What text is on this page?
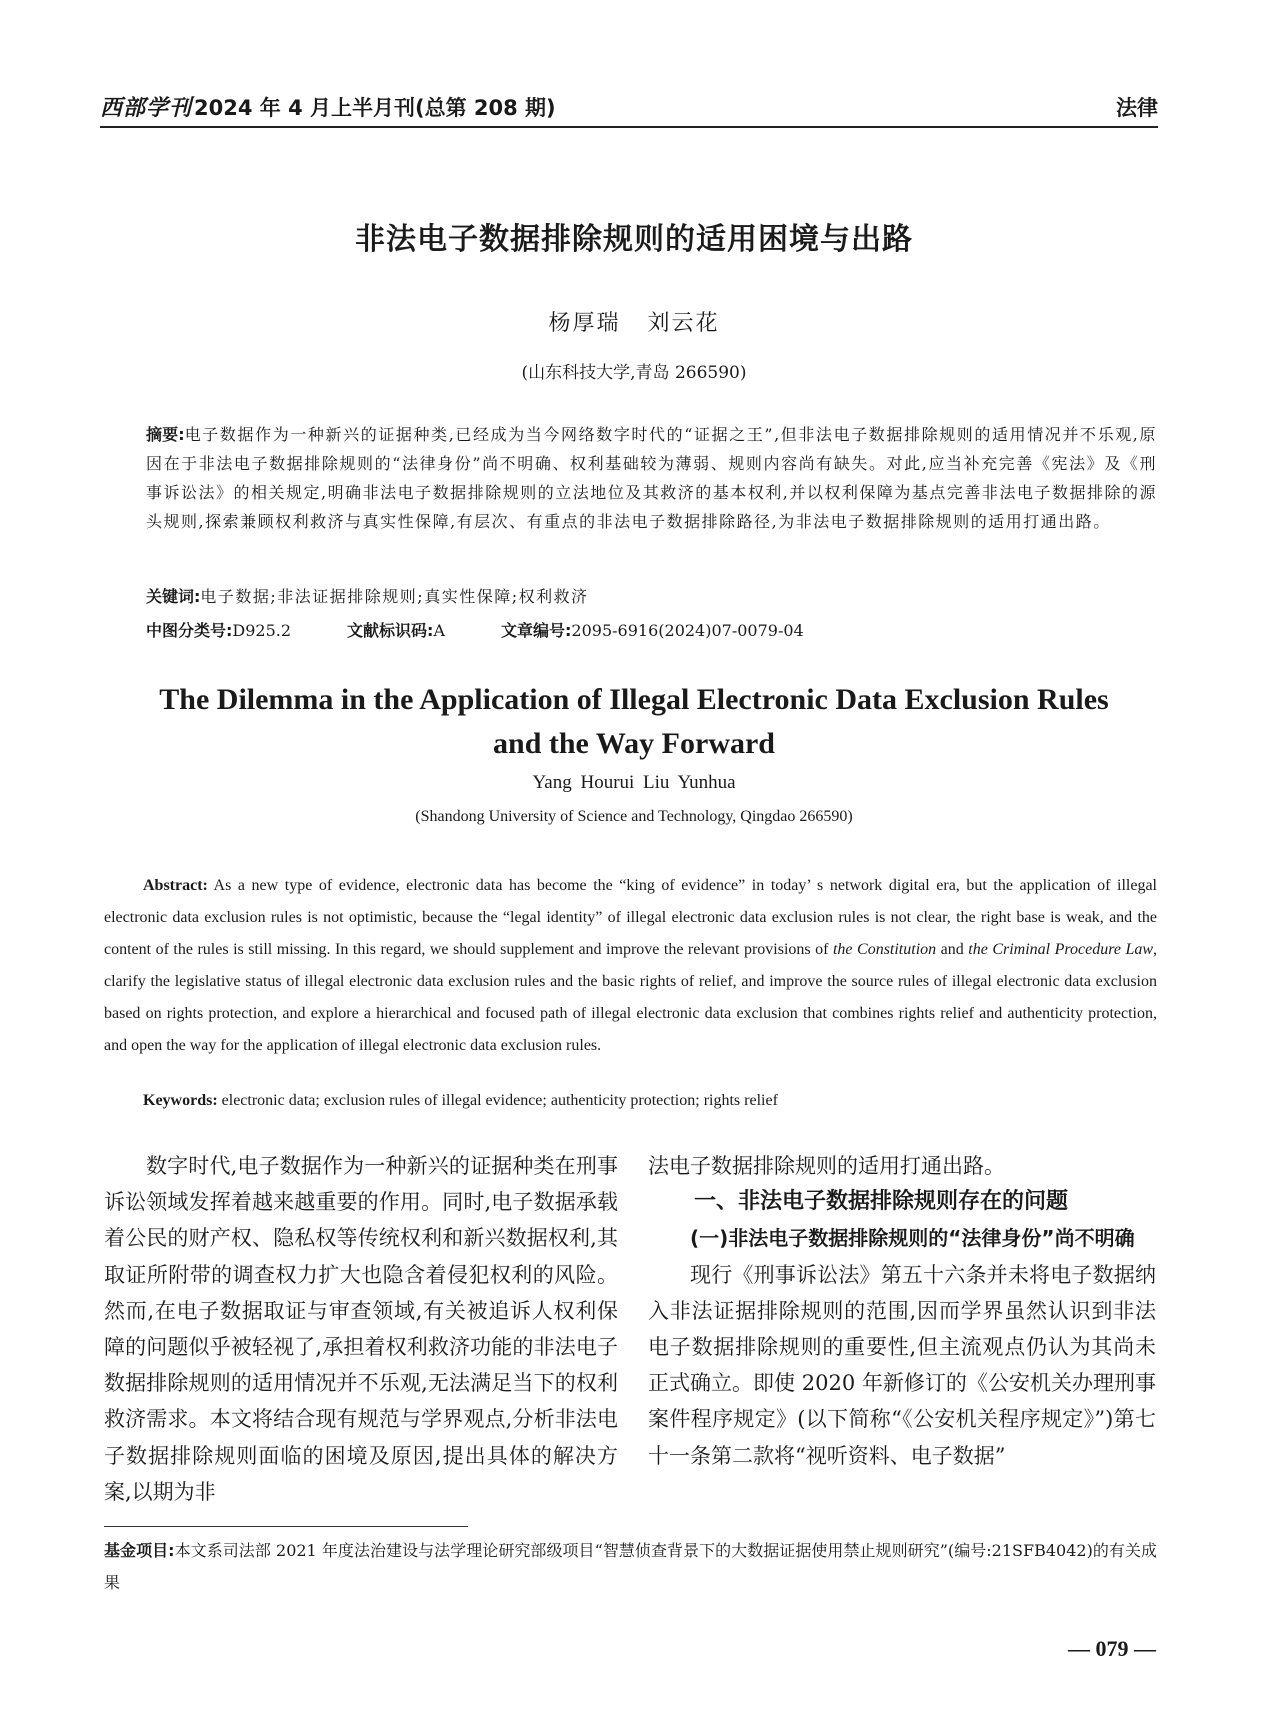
西部学刊 2024 年 4 月上半月刊(总第 208 期)	法律
非法电子数据排除规则的适用困境与出路
杨厚瑞 刘云花
(山东科技大学,青岛 266590)
摘要:电子数据作为一种新兴的证据种类,已经成为当今网络数字时代的“证据之王”,但非法电子数据排除规则的适用情况并不乐观,原因在于非法电子数据排除规则的“法律身份”尚不明确、权利基础较为薄弱、规则内容尚有缺失。对此,应当补充完善《宪法》及《刑事诉讼法》的相关规定,明确非法电子数据排除规则的立法地位及其救济的基本权利,并以权利保障为基点完善非法电子数据排除的源头规则,探索兼顾权利救济与真实性保障,有层次、有重点的非法电子数据排除路径,为非法电子数据排除规则的适用打通出路。
关键词:电子数据;非法证据排除规则;真实性保障;权利救济
中图分类号:D925.2	文献标识码:A	文章编号:2095-6916(2024)07-0079-04
The Dilemma in the Application of Illegal Electronic Data Exclusion Rules
and the Way Forward
Yang Hourui Liu Yunhua
(Shandong University of Science and Technology, Qingdao 266590)
Abstract: As a new type of evidence, electronic data has become the “king of evidence” in today’ s network digital era, but the application of illegal electronic data exclusion rules is not optimistic, because the “legal identity” of illegal electronic data exclusion rules is not clear, the right base is weak, and the content of the rules is still missing. In this regard, we should supplement and improve the relevant provisions of the Constitution and the Criminal Procedure Law, clarify the legislative status of illegal electronic data exclusion rules and the basic rights of relief, and improve the source rules of illegal electronic data exclusion based on rights protection, and explore a hierarchical and focused path of illegal electronic data exclusion that combines rights relief and authenticity protection, and open the way for the application of illegal electronic data exclusion rules.
Keywords: electronic data; exclusion rules of illegal evidence; authenticity protection; rights relief

数字时代,电子数据作为一种新兴的证据种类在刑事诉讼领域发挥着越来越重要的作用。同时,电子数据承载着公民的财产权、隐私权等传统权利和新兴数据权利,其取证所附带的调查权力扩大也隐含着侵犯权利的风险。然而,在电子数据取证与审查领域,有关被追诉人权利保障的问题似乎被轻视了,承担着权利救济功能的非法电子数据排除规则的适用情况并不乐观,无法满足当下的权利救济需求。本文将结合现有规范与学界观点,分析非法电子数据排除规则面临的困境及原因,提出具体的解决方案,以期为非

法电子数据排除规则的适用打通出路。

一、非法电子数据排除规则存在的问题

(一)非法电子数据排除规则的“法律身份”尚不明确

现行《刑事诉讼法》第五十六条并未将电子数据纳入非法证据排除规则的范围,因而学界虽然认识到非法电子数据排除规则的重要性,但主流观点仍认为其尚未正式确立。即使 2020 年新修订的《公安机关办理刑事案件程序规定》(以下简称“《公安机关程序规定》”)第七十一条第二款将“视听资料、电子数据”

基金项目:本文系司法部 2021 年度法治建设与法学理论研究部级项目“智慧侦查背景下的大数据证据使用禁止规则研究”(编号:21SFB4042)的有关成果
— 079 —
